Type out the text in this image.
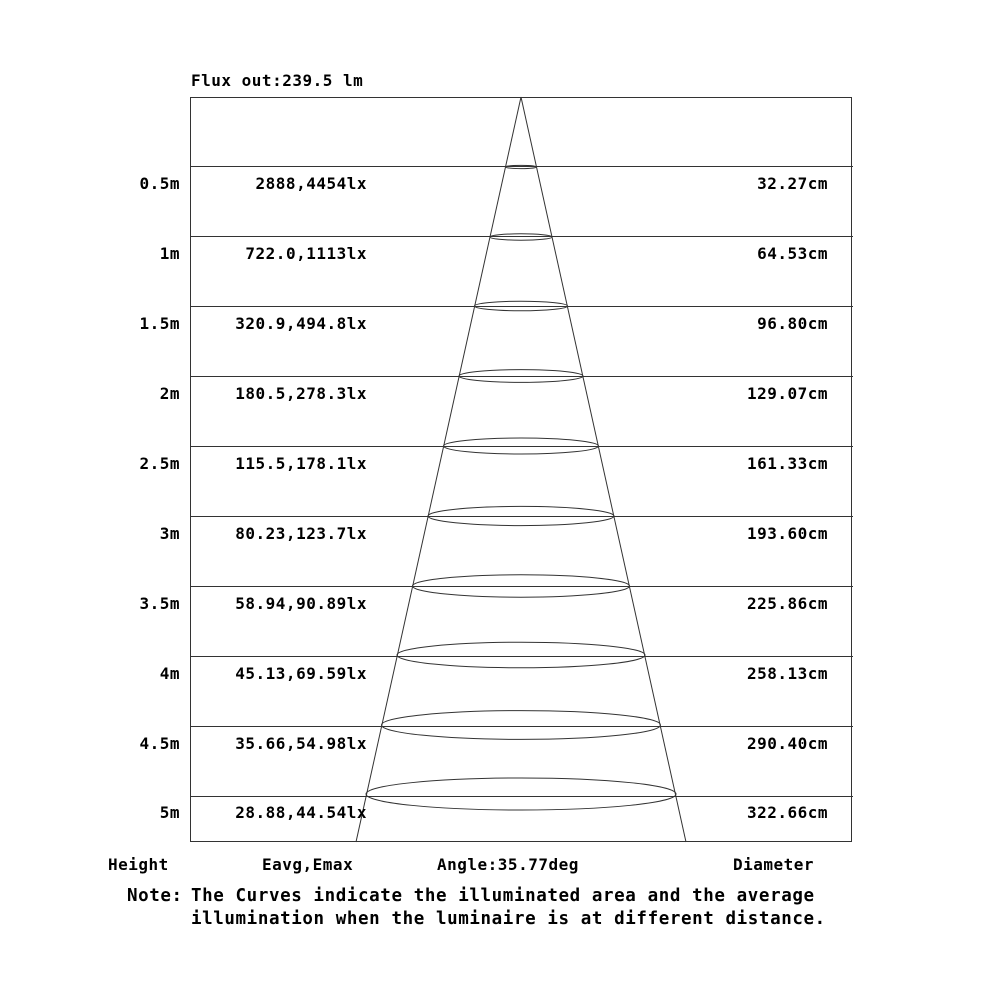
Flux out:239.5 lm
0.5m	2888,4454lx	32.27cm
1m	722.0,1113lx	64.53cm
1.5m	320.9,494.8lx	96.80cm
2m	180.5,278.3lx	129.07cm
2.5m	115.5,178.1lx	161.33cm
3m	80.23,123.7lx	193.60cm
3.5m	58.94,90.89lx	225.86cm
4m	45.13,69.59lx	258.13cm
4.5m	35.66,54.98lx	290.40cm
5m	28.88,44.54lx	322.66cm
Height	Eavg,Emax	Angle:35.77deg	Diameter
Note: The Curves indicate the illuminated area and the average
illumination when the luminaire is at different distance.
